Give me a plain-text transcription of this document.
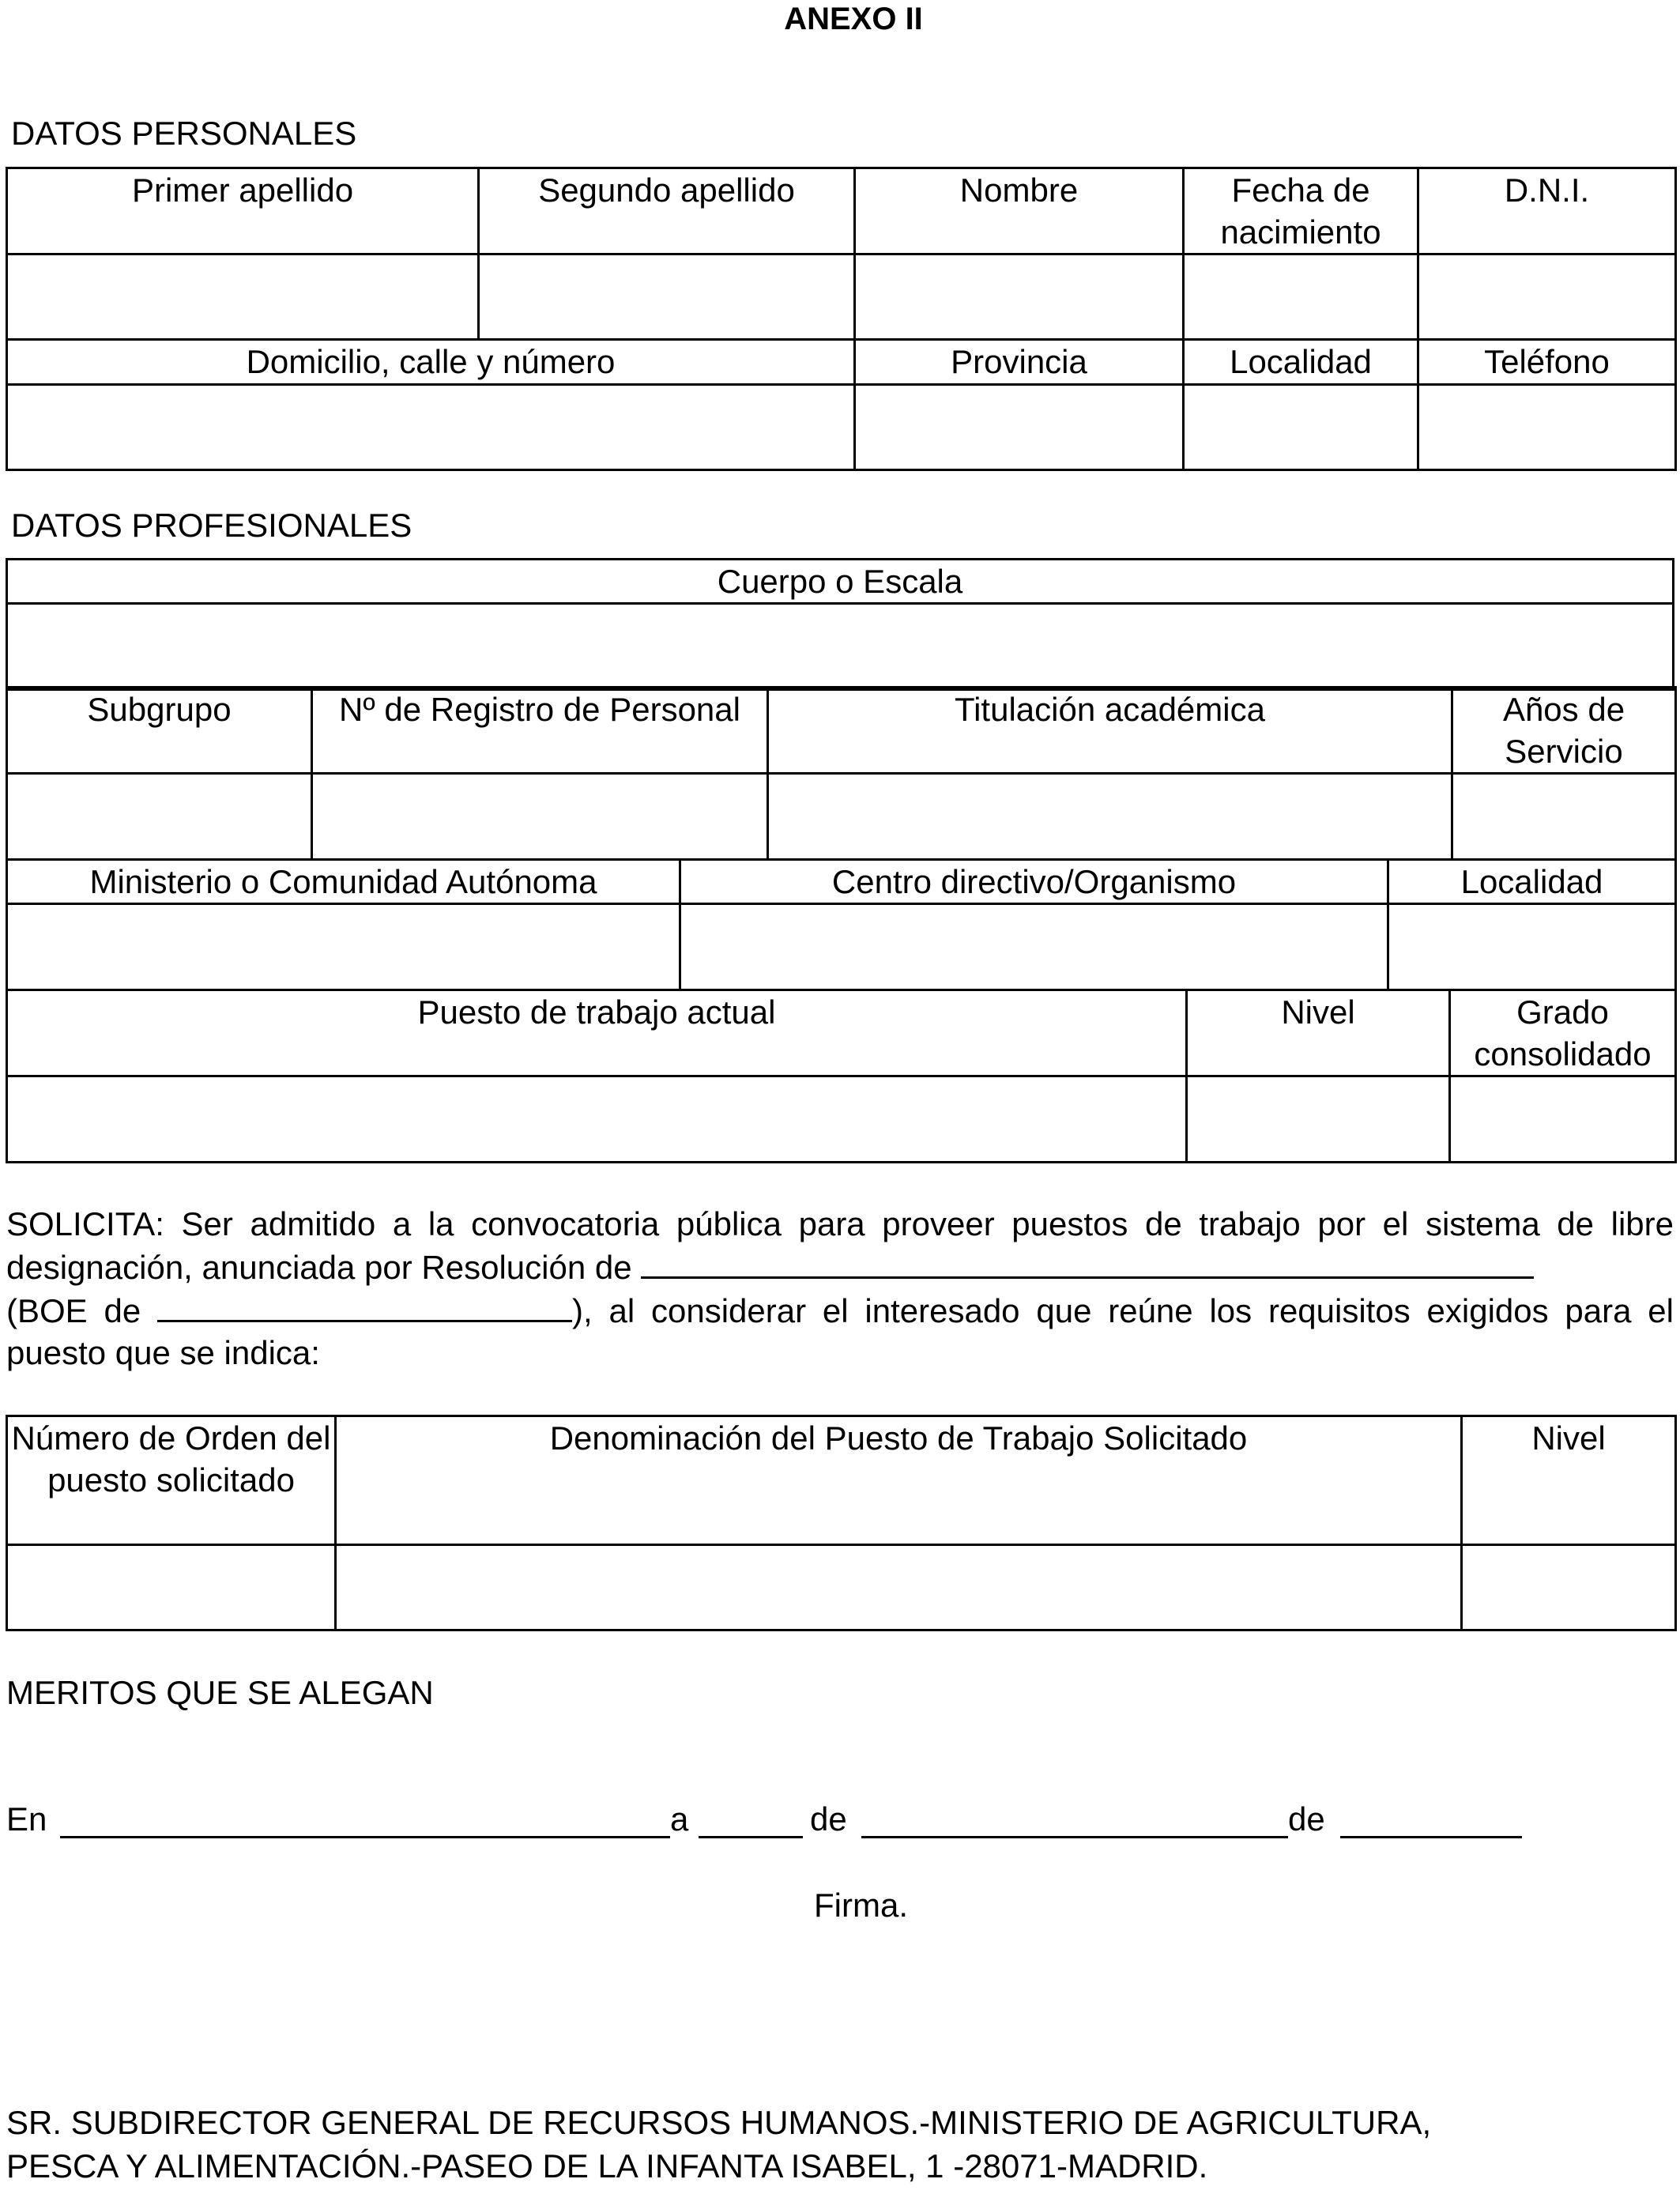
ANEXO II
DATOS PERSONALES
Primer apellido	Segundo apellido	Nombre	Fecha de nacimiento	D.N.I.

Domicilio, calle y número		Provincia	Localidad	Teléfono

DATOS PROFESIONALES
Cuerpo o Escala

Subgrupo	Nº de Registro de Personal	Titulación académica	Años de Servicio

Ministerio o Comunidad Autónoma	Centro directivo/Organismo	Localidad

Puesto de trabajo actual	Nivel	Grado consolidado

SOLICITA: Ser admitido a la convocatoria pública para proveer puestos de trabajo por el sistema de libre designación, anunciada por Resolución de
(BOE de	), al considerar el interesado que reúne los requisitos exigidos para el puesto que se indica:
Número de Orden del puesto solicitado	Denominación del Puesto de Trabajo Solicitado	Nivel

MERITOS QUE SE ALEGAN
En	a	de	de
Firma.
SR. SUBDIRECTOR GENERAL DE RECURSOS HUMANOS.-MINISTERIO DE AGRICULTURA,
PESCA Y ALIMENTACIÓN.-PASEO DE LA INFANTA ISABEL, 1 -28071-MADRID.
